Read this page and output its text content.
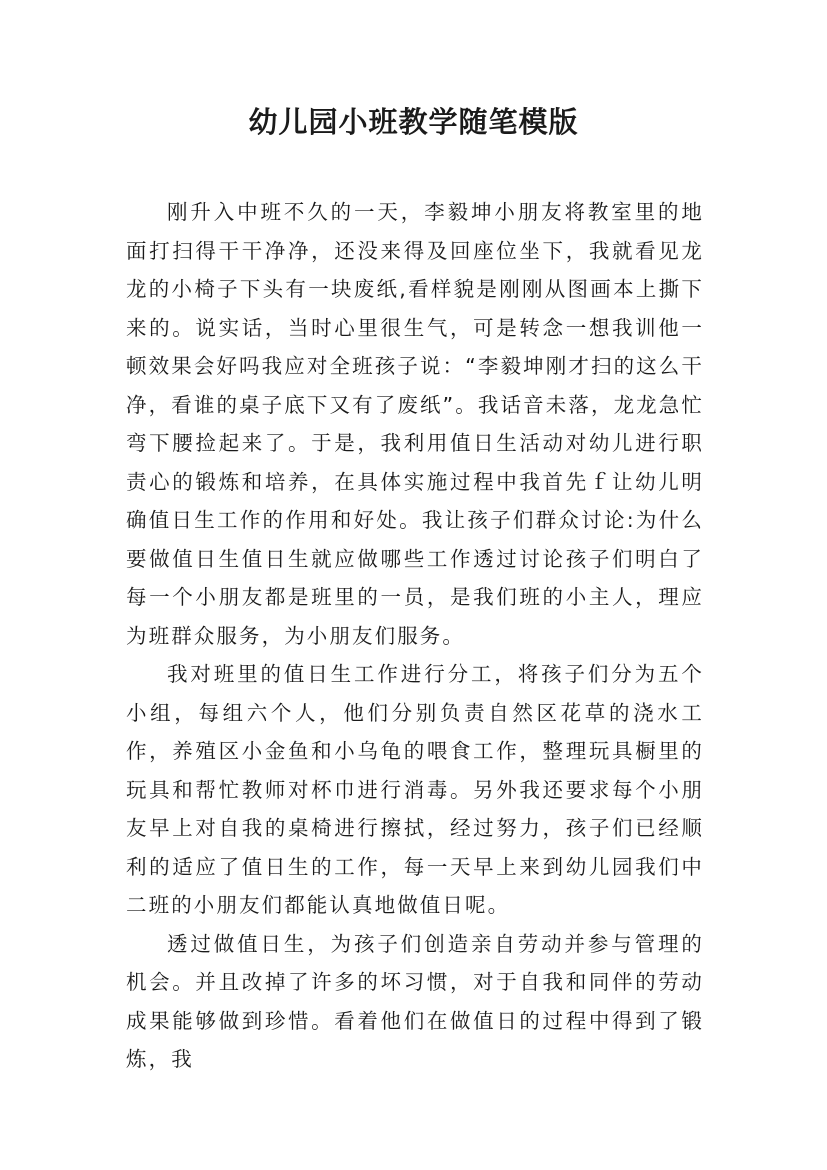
幼儿园小班教学随笔模版

刚升入中班不久的一天，李毅坤小朋友将教室里的地面打扫得干干净净，还没来得及回座位坐下，我就看见龙龙的小椅子下头有一块废纸,看样貌是刚刚从图画本上撕下来的。说实话，当时心里很生气，可是转念一想我训他一顿效果会好吗我应对全班孩子说：“李毅坤刚才扫的这么干净，看谁的桌子底下又有了废纸”。我话音未落，龙龙急忙弯下腰捡起来了。于是，我利用值日生活动对幼儿进行职责心的锻炼和培养，在具体实施过程中我首先ｆ让幼儿明确值日生工作的作用和好处。我让孩子们群众讨论:为什么要做值日生值日生就应做哪些工作透过讨论孩子们明白了每一个小朋友都是班里的一员，是我们班的小主人，理应为班群众服务，为小朋友们服务。

我对班里的值日生工作进行分工，将孩子们分为五个小组，每组六个人，他们分别负责自然区花草的浇水工作，养殖区小金鱼和小乌龟的喂食工作，整理玩具橱里的玩具和帮忙教师对杯巾进行消毒。另外我还要求每个小朋友早上对自我的桌椅进行擦拭，经过努力，孩子们已经顺利的适应了值日生的工作，每一天早上来到幼儿园我们中二班的小朋友们都能认真地做值日呢。

透过做值日生，为孩子们创造亲自劳动并参与管理的机会。并且改掉了许多的坏习惯，对于自我和同伴的劳动成果能够做到珍惜。看着他们在做值日的过程中得到了锻炼，我
